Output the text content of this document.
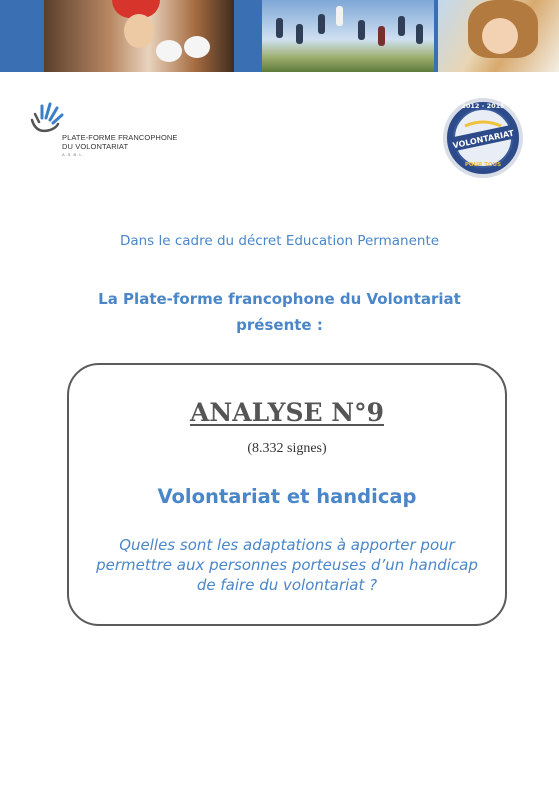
PLATE-FORME FRANCOPHONE
DU VOLONTARIAT
A.S.B.L.
2012 - 2015
VOLONTARIAT
POUR TOUS
Dans le cadre du décret Education Permanente
La Plate-forme francophone du Volontariat
présente :
ANALYSE N°9
(8.332 signes)
Volontariat et handicap
Quelles sont les adaptations à apporter pour
permettre aux personnes porteuses d’un handicap
de faire du volontariat ?
